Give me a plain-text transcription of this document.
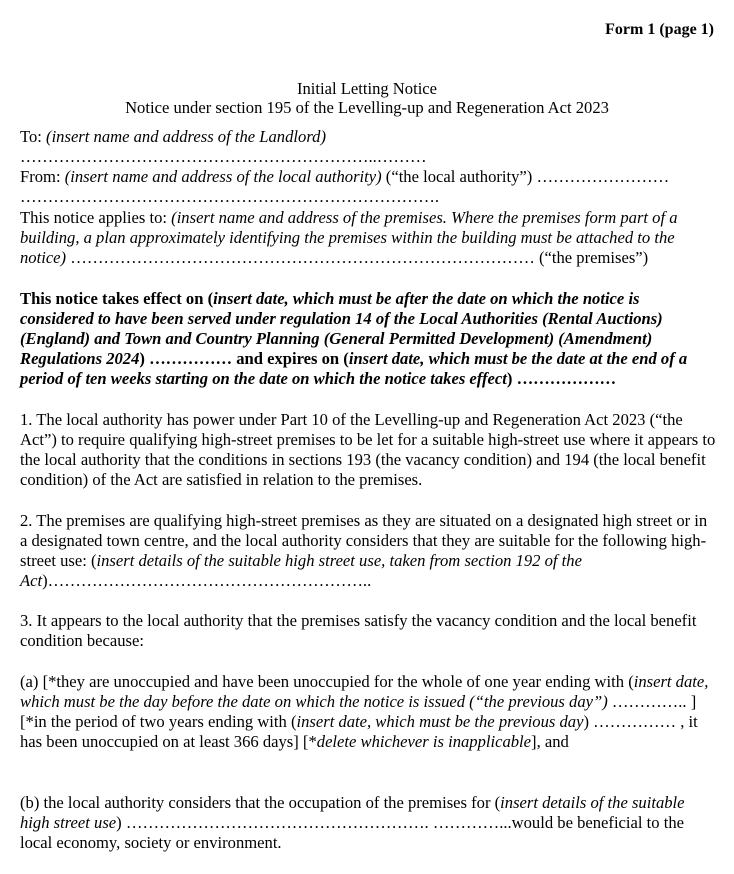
Form 1 (page 1)
Initial Letting Notice
Notice under section 195 of the Levelling-up and Regeneration Act 2023

To: (insert name and address of the Landlord) ………………………………………………………..………

From: (insert name and address of the local authority) (“the local authority”) ……………………

………………………………………………………………….

This notice applies to: (insert name and address of the premises. Where the premises form part of a building, a plan approximately identifying the premises within the building must be attached to the notice) ………………………………………………………………………… (“the premises”)

This notice takes effect on (insert date, which must be after the date on which the notice is considered to have been served under regulation 14 of the Local Authorities (Rental Auctions) (England) and Town and Country Planning (General Permitted Development) (Amendment) Regulations 2024) …………… and expires on (insert date, which must be the date at the end of a period of ten weeks starting on the date on which the notice takes effect) ………………

1. The local authority has power under Part 10 of the Levelling-up and Regeneration Act 2023 (“the Act”) to require qualifying high-street premises to be let for a suitable high-street use where it appears to the local authority that the conditions in sections 193 (the vacancy condition) and 194 (the local benefit condition) of the Act are satisfied in relation to the premises.

2. The premises are qualifying high-street premises as they are situated on a designated high street or in a designated town centre, and the local authority considers that they are suitable for the following high-street use: (insert details of the suitable high street use, taken from section 192 of the Act)…………………………………………………..

3. It appears to the local authority that the premises satisfy the vacancy condition and the local benefit condition because:

(a) [*they are unoccupied and have been unoccupied for the whole of one year ending with (insert date, which must be the day before the date on which the notice is issued (“the previous day”) ………….. ][*in the period of two years ending with (insert date, which must be the previous day) …………… , it has been unoccupied on at least 366 days] [*delete whichever is inapplicable], and

(b) the local authority considers that the occupation of the premises for (insert details of the suitable high street use) ………………………………………………. …………...would be beneficial to the local economy, society or environment.
